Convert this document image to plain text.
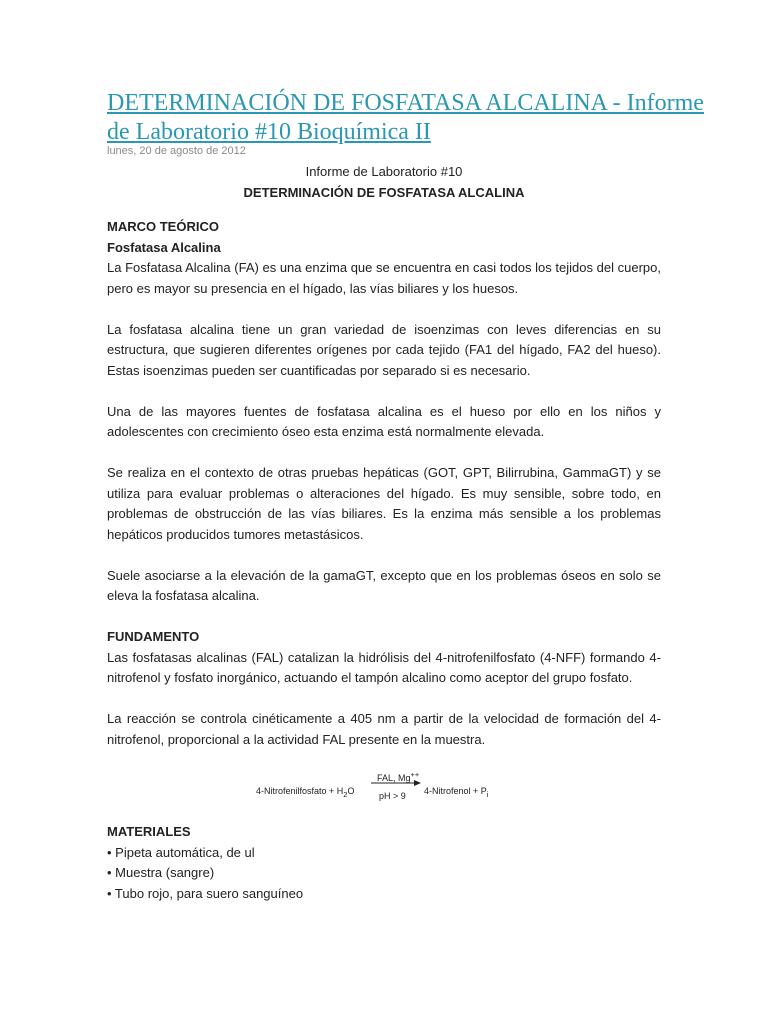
DETERMINACIÓN DE FOSFATASA ALCALINA - Informe de Laboratorio #10 Bioquímica II
lunes, 20 de agosto de 2012
Informe de Laboratorio #10
DETERMINACIÓN DE FOSFATASA ALCALINA
MARCO TEÓRICO
Fosfatasa Alcalina

La Fosfatasa Alcalina (FA) es una enzima que se encuentra en casi todos los tejidos del cuerpo, pero es mayor su presencia en el hígado, las vías biliares y los huesos.

La fosfatasa alcalina tiene un gran variedad de isoenzimas con leves diferencias en su estructura, que sugieren diferentes orígenes por cada tejido (FA1 del hígado, FA2 del hueso). Estas isoenzimas pueden ser cuantificadas por separado si es necesario.

Una de las mayores fuentes de fosfatasa alcalina es el hueso por ello en los niños y adolescentes con crecimiento óseo esta enzima está normalmente elevada.

Se realiza en el contexto de otras pruebas hepáticas (GOT, GPT, Bilirrubina, GammaGT) y se utiliza para evaluar problemas o alteraciones del hígado. Es muy sensible, sobre todo, en problemas de obstrucción de las vías biliares. Es la enzima más sensible a los problemas hepáticos producidos tumores metastásicos.

Suele asociarse a la elevación de la gamaGT, excepto que en los problemas óseos en solo se eleva la fosfatasa alcalina.

FUNDAMENTO

Las fosfatasas alcalinas (FAL) catalizan la hidrólisis del 4-nitrofenilfosfato (4-NFF) formando 4-nitrofenol y fosfato inorgánico, actuando el tampón alcalino como aceptor del grupo fosfato.

La reacción se controla cinéticamente a 405 nm a partir de la velocidad de formación del 4-nitrofenol, proporcional a la actividad FAL presente en la muestra.

4-Nitrofenilfosfato + $H_2O$
FAL, Mg++
pH > 9 4-Nitrofenol + $P_i$
MATERIALES
• Pipeta automática, de ul
• Muestra (sangre)
• Tubo rojo, para suero sanguíneo
